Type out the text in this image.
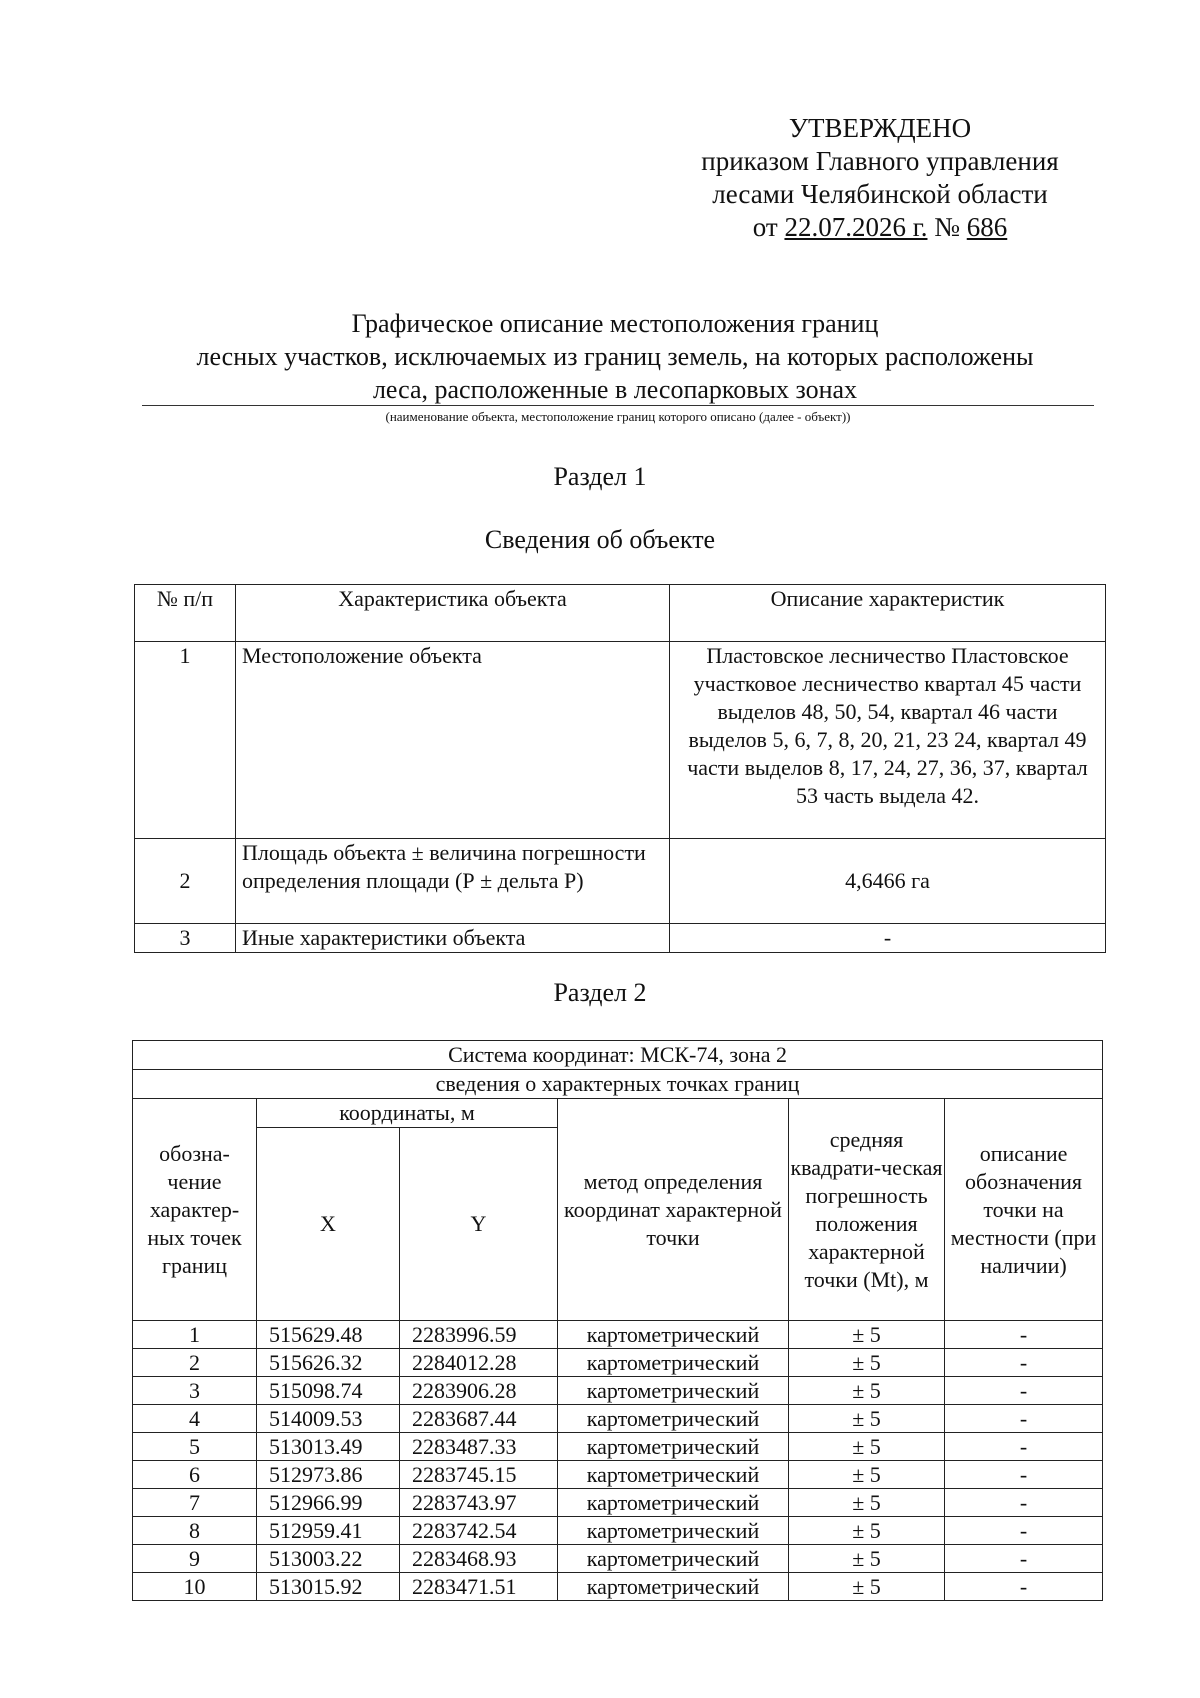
УТВЕРЖДЕНО
приказом Главного управления
лесами Челябинской области
от 22.07.2026 г. № 686
Графическое описание местоположения границ
лесных участков, исключаемых из границ земель, на которых расположены
леса, расположенные в лесопарковых зонах
(наименование объекта, местоположение границ которого описано (далее - объект))
Раздел 1
Сведения об объекте
№ п/п	Характеристика объекта	Описание характеристик
1	Местоположение объекта	Пластовское лесничество Пластовское участковое лесничество квартал 45 части выделов 48, 50, 54, квартал 46 части выделов 5, 6, 7, 8, 20, 21, 23 24, квартал 49 части выделов 8, 17, 24, 27, 36, 37, квартал 53 часть выдела 42.
2	Площадь объекта ± величина погрешности определения площади (Р ± дельта Р)	4,6466 га
3	Иные характеристики объекта	-
Раздел 2
Система координат: МСК-74, зона 2					
сведения о характерных точках границ					
обозна-чение характер-ных точек границ	координаты, м		метод определения координат характерной точки	средняя квадрати-ческая погрешность положения характерной точки (Mt), м	описание обозначения точки на местности (при наличии)
	X	Y			
1	515629.48	2283996.59	картометрический	± 5	-
2	515626.32	2284012.28	картометрический	± 5	-
3	515098.74	2283906.28	картометрический	± 5	-
4	514009.53	2283687.44	картометрический	± 5	-
5	513013.49	2283487.33	картометрический	± 5	-
6	512973.86	2283745.15	картометрический	± 5	-
7	512966.99	2283743.97	картометрический	± 5	-
8	512959.41	2283742.54	картометрический	± 5	-
9	513003.22	2283468.93	картометрический	± 5	-
10	513015.92	2283471.51	картометрический	± 5	-
